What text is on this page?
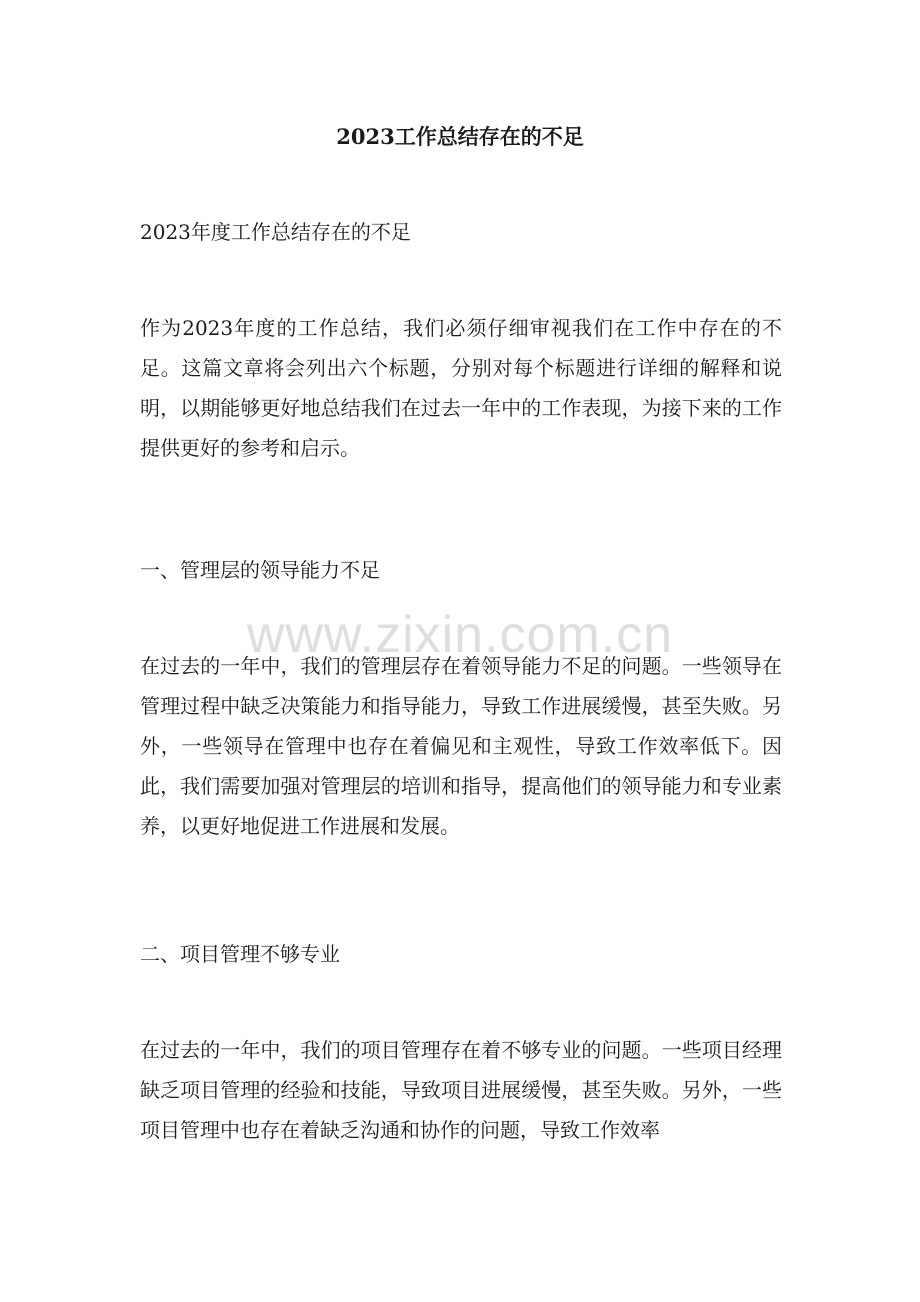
www.zixin.com.cn
2023工作总结存在的不足

2023年度工作总结存在的不足

作为2023年度的工作总结，我们必须仔细审视我们在工作中存在的不足。这篇文章将会列出六个标题，分别对每个标题进行详细的解释和说明，以期能够更好地总结我们在过去一年中的工作表现，为接下来的工作提供更好的参考和启示。

一、管理层的领导能力不足

在过去的一年中，我们的管理层存在着领导能力不足的问题。一些领导在管理过程中缺乏决策能力和指导能力，导致工作进展缓慢，甚至失败。另外，一些领导在管理中也存在着偏见和主观性，导致工作效率低下。因此，我们需要加强对管理层的培训和指导，提高他们的领导能力和专业素养，以更好地促进工作进展和发展。

二、项目管理不够专业

在过去的一年中，我们的项目管理存在着不够专业的问题。一些项目经理缺乏项目管理的经验和技能，导致项目进展缓慢，甚至失败。另外，一些项目管理中也存在着缺乏沟通和协作的问题，导致工作效率
